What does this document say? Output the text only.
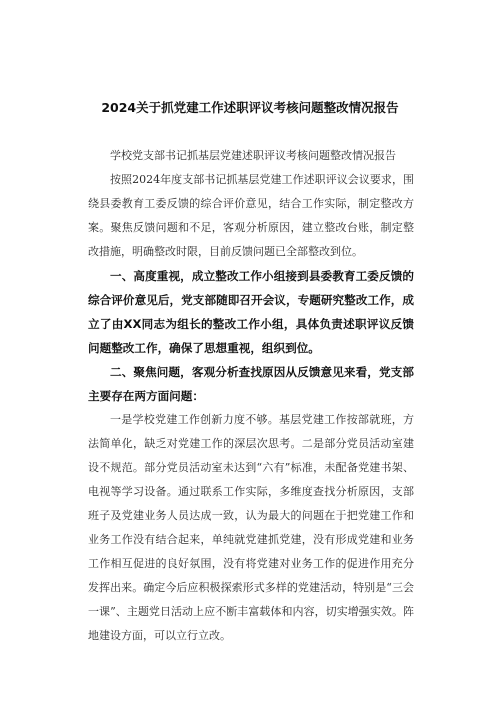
2024关于抓党建工作述职评议考核问题整改情况报告

学校党支部书记抓基层党建述职评议考核问题整改情况报告

按照2024年度支部书记抓基层党建工作述职评议会议要求，围绕县委教育工委反馈的综合评价意见，结合工作实际，制定整改方案。聚焦反馈问题和不足，客观分析原因，建立整改台账，制定整改措施，明确整改时限，目前反馈问题已全部整改到位。

一、高度重视，成立整改工作小组接到县委教育工委反馈的综合评价意见后，党支部随即召开会议，专题研究整改工作，成立了由XX同志为组长的整改工作小组，具体负责述职评议反馈问题整改工作，确保了思想重视，组织到位。

二、聚焦问题，客观分析查找原因从反馈意见来看，党支部主要存在两方面问题：

一是学校党建工作创新力度不够。基层党建工作按部就班，方法简单化，缺乏对党建工作的深层次思考。二是部分党员活动室建设不规范。部分党员活动室未达到“六有”标准，未配备党建书架、电视等学习设备。通过联系工作实际，多维度查找分析原因，支部班子及党建业务人员达成一致，认为最大的问题在于把党建工作和业务工作没有结合起来，单纯就党建抓党建，没有形成党建和业务工作相互促进的良好氛围，没有将党建对业务工作的促进作用充分发挥出来。确定今后应积极探索形式多样的党建活动，特别是“三会一课”、主题党日活动上应不断丰富载体和内容，切实增强实效。阵地建设方面，可以立行立改。
